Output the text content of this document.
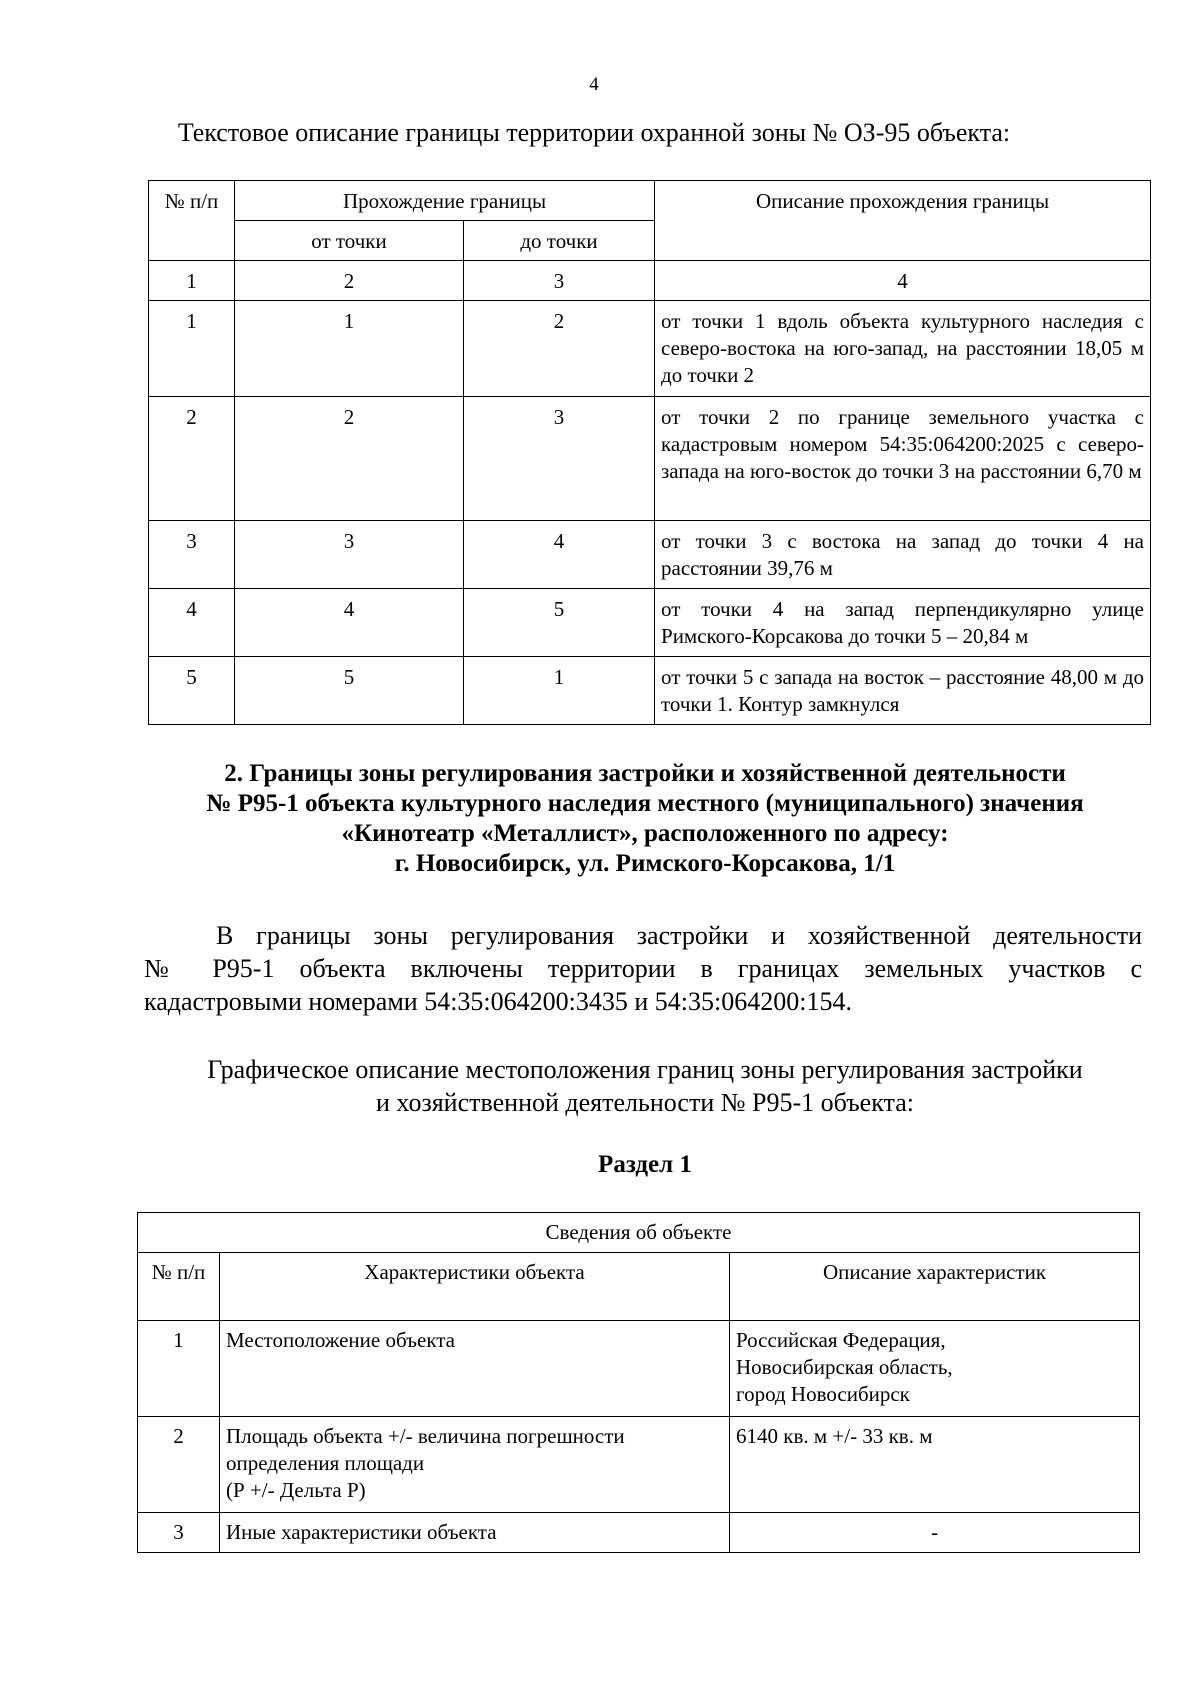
4
Текстовое описание границы территории охранной зоны № ОЗ-95 объекта:
№ п/п	Прохождение границы		Описание прохождения границы
	от точки	до точки	
1	2	3	4
1	1	2	от точки 1 вдоль объекта культурного наследия с северо-востока на юго-запад, на расстоянии 18,05 м до точки 2
2	2	3	от точки 2 по границе земельного участка с кадастровым номером 54:35:064200:2025 с северо-запада на юго-восток до точки 3 на расстоянии 6,70 м
3	3	4	от точки 3 с востока на запад до точки 4 на расстоянии 39,76 м
4	4	5	от точки 4 на запад перпендикулярно улице Римского-Корсакова до точки 5 – 20,84 м
5	5	1	от точки 5 с запада на восток – расстояние 48,00 м до точки 1. Контур замкнулся
2. Границы зоны регулирования застройки и хозяйственной деятельности
№ Р95-1 объекта культурного наследия местного (муниципального) значения
«Кинотеатр «Металлист», расположенного по адресу:
г. Новосибирск, ул. Римского-Корсакова, 1/1
В границы зоны регулирования застройки и хозяйственной деятельности
№ Р95-1 объекта включены территории в границах земельных участков с
кадастровыми номерами 54:35:064200:3435 и 54:35:064200:154.
Графическое описание местоположения границ зоны регулирования застройки
и хозяйственной деятельности № Р95-1 объекта:
Раздел 1
Сведения об объекте		
№ п/п	Характеристики объекта	Описание характеристик
1	Местоположение объекта	Российская Федерация,
Новосибирская область,
город Новосибирск
2	Площадь объекта +/- величина погрешности
определения площади
(Р +/- Дельта Р)	6140 кв. м +/- 33 кв. м
3	Иные характеристики объекта	-
